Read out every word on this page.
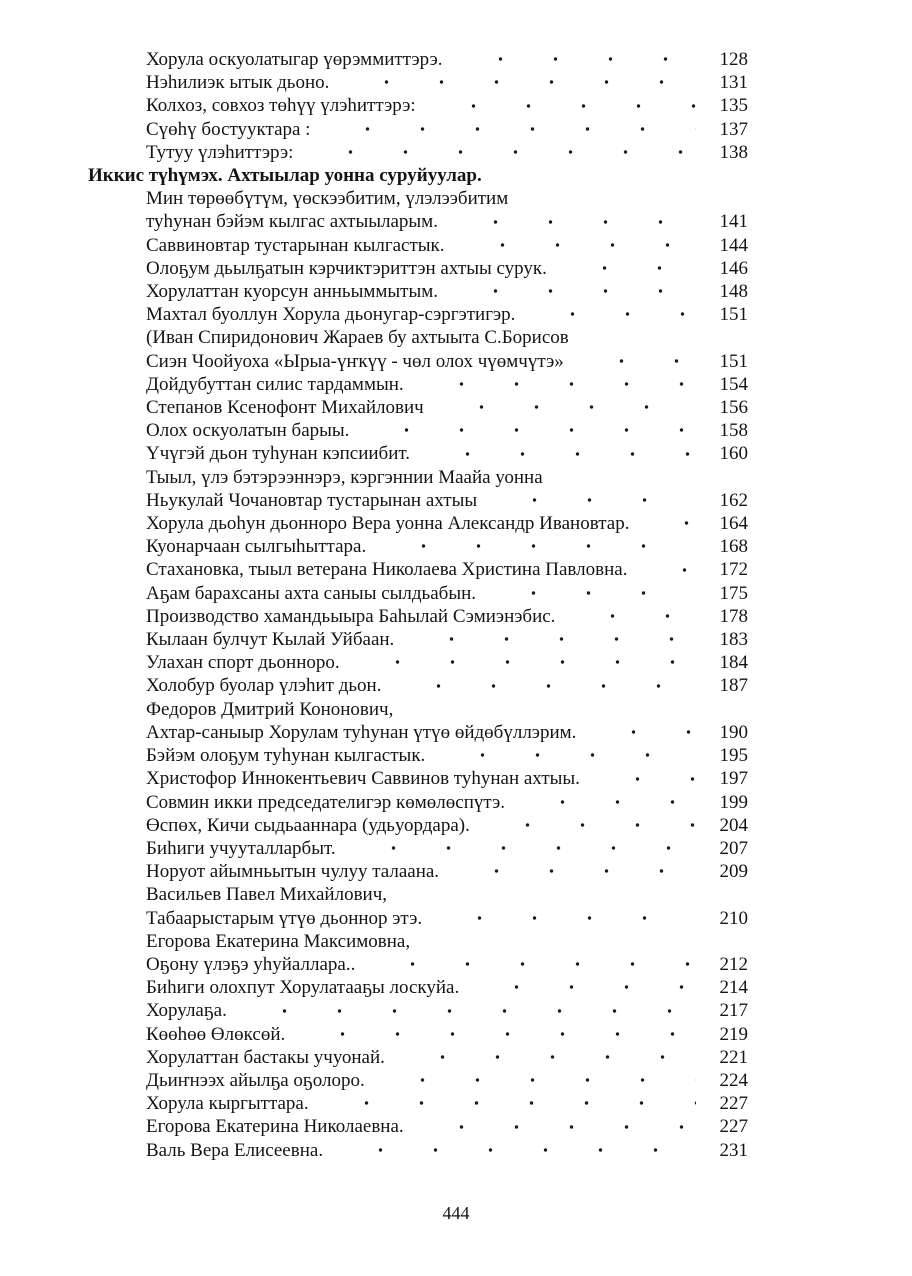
Хорула оскуолатыгар үөрэммиттэрэ.	128
Нэһилиэк ытык дьоно.	131
Колхоз, совхоз төһүү үлэһиттэрэ:	135
Сүөһү бостууктара :	137
Тутуу үлэһиттэрэ:	138
Иккис түһүмэх. Ахтыылар уонна суруйуулар.
Мин төрөөбүтүм, үөскээбитим, үлэлээбитим
туһунан бэйэм кылгас ахтыыларым.	141
Саввиновтар тустарынан кылгастык.	144
Олоҕум дьылҕатын кэрчиктэриттэн ахтыы сурук.	146
Хорулаттан куорсун анньыммытым.	148
Махтал буоллун Хорула дьонугар-сэргэтигэр.	151
(Иван Спиридонович Жараев бу ахтыыта С.Борисов
Сиэн Чоойуоха «Ырыа-үҥкүү - чөл олох чүөмчүтэ»	151
Дойдубуттан силис тардаммын.	154
Степанов Ксенофонт Михайлович	156
Олох оскуолатын барыы.	158
Үчүгэй дьон туһунан кэпсиибит.	160
Тыыл, үлэ бэтэрээннэрэ, кэргэннии Маайа уонна
Ньукулай Чочановтар тустарынан ахтыы	162
Хорула дьоһун дьонноро Вера уонна Александр Ивановтар.	164
Куонарчаан сылгыһыттара.	168
Стахановка, тыыл ветерана Николаева Христина Павловна.	172
Аҕам барахсаны ахта саныы сылдьабын.	175
Производство хамандьыыра Баһылай Сэмиэнэбис.	178
Кылаан булчут Кылай Уйбаан.	183
Улахан спорт дьонноро.	184
Холобур буолар үлэһит дьон.	187
Федоров Дмитрий Кононович,
Ахтар-саныыр Хорулам туһунан үтүө өйдөбүллэрим.	190
Бэйэм олоҕум туһунан кылгастык.	195
Христофор Иннокентьевич Саввинов туһунан ахтыы.	197
Совмин икки председателигэр көмөлөспүтэ.	199
Өспөх, Кичи сыдьааннара (удьуордара).	204
Биһиги учууталларбыт.	207
Норуот айымньытын чулуу талаана.	209
Васильев Павел Михайлович,
Табаарыстарым үтүө дьоннор этэ.	210
Егорова Екатерина Максимовна,
Оҕону үлэҕэ уһуйаллара..	212
Биһиги олохпут Хорулатааҕы лоскуйа.	214
Хорулаҕа.	217
Көөһөө Өлөксөй.	219
Хорулаттан бастакы учуонай.	221
Дьиҥнээх айылҕа оҕолоро.	224
Хорула кыргыттара.	227
Егорова Екатерина Николаевна.	227
Валь Вера Елисеевна.	231
444
